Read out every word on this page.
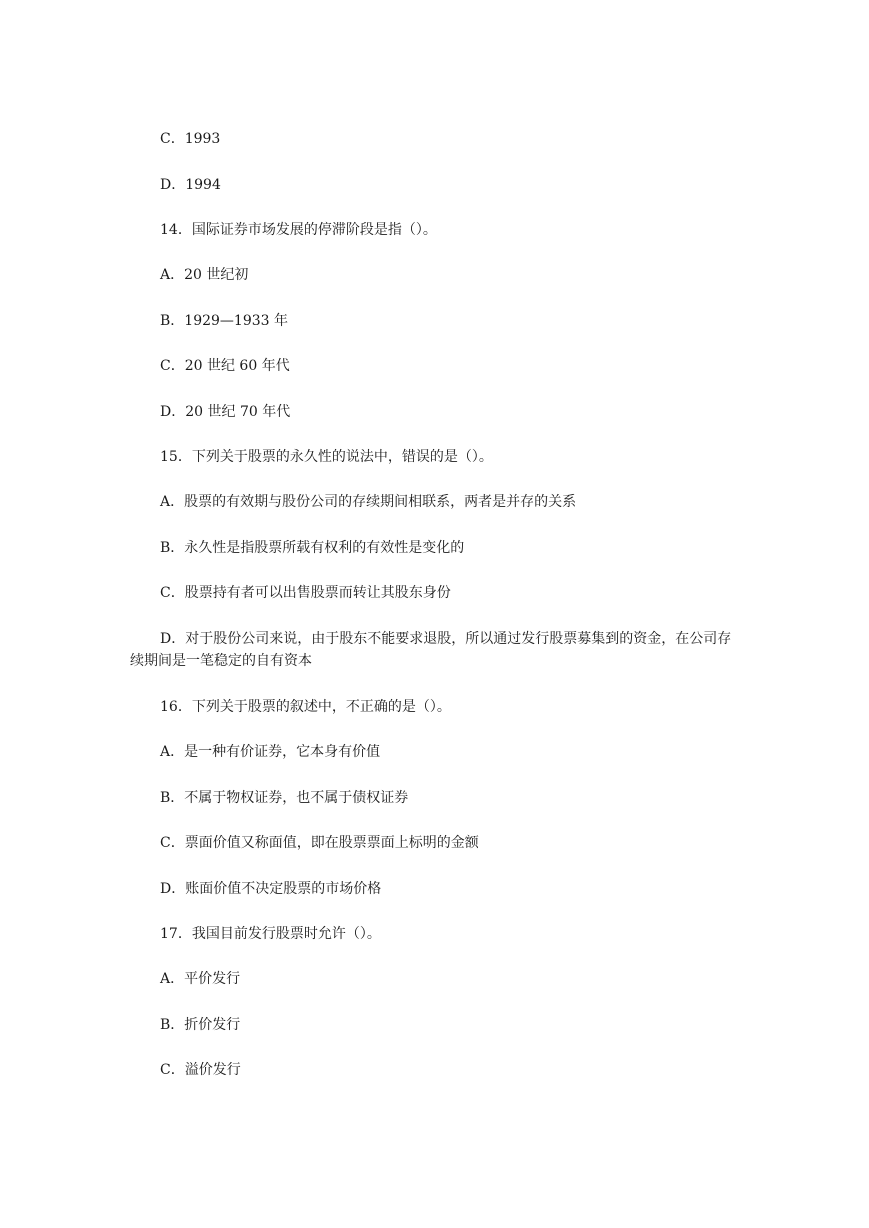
C．1993
D．1994
14．国际证券市场发展的停滞阶段是指（）。
A．20 世纪初
B．1929—1933 年
C．20 世纪 60 年代
D．20 世纪 70 年代
15．下列关于股票的永久性的说法中，错误的是（）。
A．股票的有效期与股份公司的存续期间相联系，两者是并存的关系
B．永久性是指股票所载有权利的有效性是变化的
C．股票持有者可以出售股票而转让其股东身份
D．对于股份公司来说，由于股东不能要求退股，所以通过发行股票募集到的资金，在公司存续期间是一笔稳定的自有资本
16．下列关于股票的叙述中，不正确的是（）。
A．是一种有价证券，它本身有价值
B．不属于物权证券，也不属于债权证券
C．票面价值又称面值，即在股票票面上标明的金额
D．账面价值不决定股票的市场价格
17．我国目前发行股票时允许（）。
A．平价发行
B．折价发行
C．溢价发行
